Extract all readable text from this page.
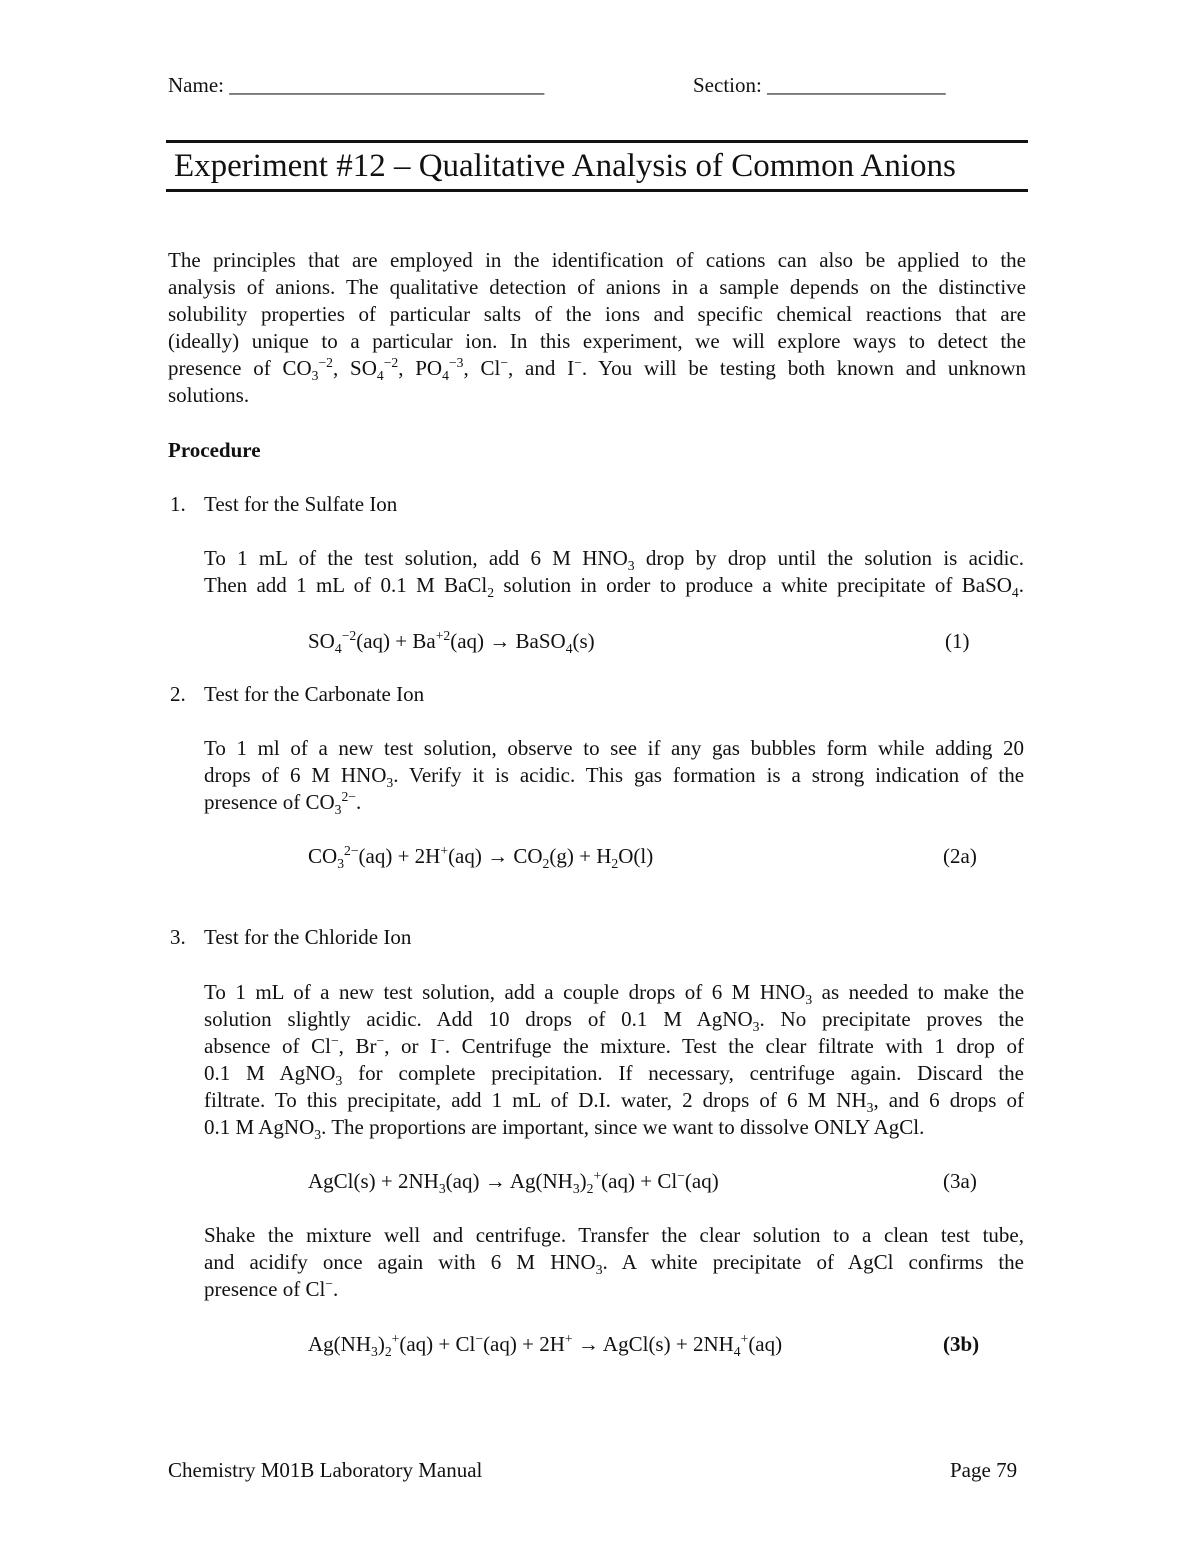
Name: ______________________________	Section: _________________
Experiment #12 – Qualitative Analysis of Common Anions
The principles that are employed in the identification of cations can also be applied to the
analysis of anions. The qualitative detection of anions in a sample depends on the distinctive
solubility properties of particular salts of the ions and specific chemical reactions that are
(ideally) unique to a particular ion. In this experiment, we will explore ways to detect the
presence of $CO_3^{-2}$, $SO_4^{-2}$, $PO_4^{-3}$, Cl−, and I−. You will be testing both known and unknown
solutions.
Procedure
1. Test for the Sulfate Ion
To 1 mL of the test solution, add 6 M $HNO_3$ drop by drop until the solution is acidic.
Then add 1 mL of 0.1 M BaCl$_2$ solution in order to produce a white precipitate of BaSO$_4$.
$SO_4^{-2}(aq) + Ba^{+2}(aq)$ → BaSO$_4$(s)	(1)
2. Test for the Carbonate Ion
To 1 ml of a new test solution, observe to see if any gas bubbles form while adding 20
drops of 6 M $HNO_3$. Verify it is acidic. This gas formation is a strong indication of the
presence of $CO_3^{2-}$.
$CO_3^{2-}(aq) + 2H^+(aq) \to CO_2(g) + H_2O(l)$	(2a)
3. Test for the Chloride Ion
To 1 mL of a new test solution, add a couple drops of 6 M $HNO_3$ as needed to make the
solution slightly acidic. Add 10 drops of 0.1 M AgNO$_3$. No precipitate proves the
absence of Cl−, Br−, or I−. Centrifuge the mixture. Test the clear filtrate with 1 drop of
0.1 M AgNO$_3$ for complete precipitation. If necessary, centrifuge again. Discard the
filtrate. To this precipitate, add 1 mL of D.I. water, 2 drops of 6 M $NH_3$, and 6 drops of
0.1 M AgNO$_3$. The proportions are important, since we want to dissolve ONLY AgCl.
AgCl(s) + $2NH_3(aq) \to Ag(NH_3)_2^+(aq) + Cl^-(aq)$	(3a)
Shake the mixture well and centrifuge. Transfer the clear solution to a clean test tube,
and acidify once again with 6 M $HNO_3$. A white precipitate of AgCl confirms the
presence of Cl−.
$Ag(NH_3)_2^+(aq) + Cl^-(aq) + 2H^+$ → AgCl(s) + $2NH_4^+(aq)$	(3b)
Chemistry M01B Laboratory Manual	Page 79
